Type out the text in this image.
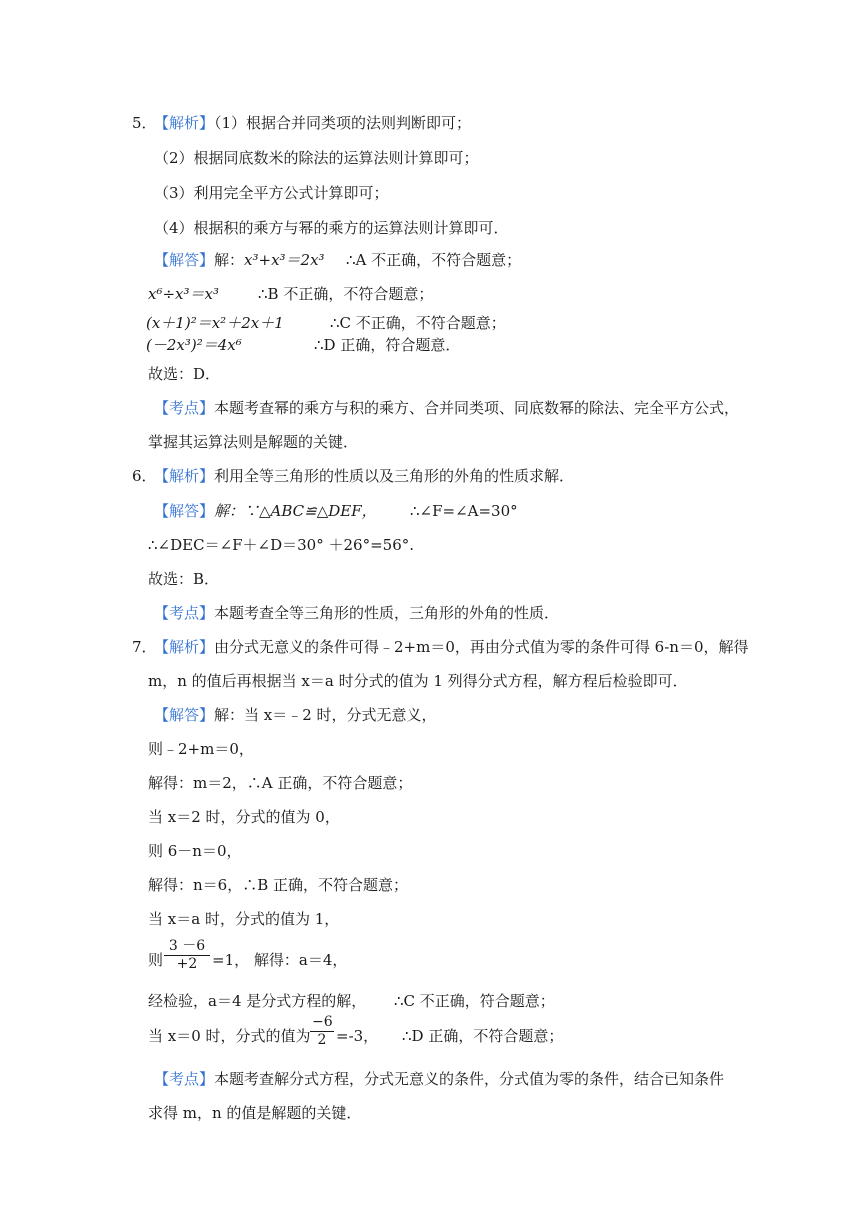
5．
【解析】（1）根据合并同类项的法则判断即可；
（2）根据同底数米的除法的运算法则计算即可；
（3）利用完全平方公式计算即可；
（4）根据积的乘方与幂的乘方的运算法则计算即可．
【解答】解：x³+x³＝2x³ ∴A 不正确，不符合题意；
x⁶÷x³＝x³	∴B 不正确，不符合题意；
(x＋1)²＝x²＋2x＋1	∴C 不正确，不符合题意；
(－2x³)²＝4x⁶	∴D 正确，符合题意．
故选：D．
【考点】本题考查幂的乘方与积的乘方、合并同类项、同底数幂的除法、完全平方公式，
掌握其运算法则是解题的关键．
6．
【解析】利用全等三角形的性质以及三角形的外角的性质求解．
【解答】解：∵△ABC≌△DEF， ∴∠F=∠A=30°
∴∠DEC＝∠F＋∠D＝30° ＋26°=56°.
故选：B．
【考点】本题考查全等三角形的性质，三角形的外角的性质．
7．
【解析】由分式无意义的条件可得﹣2+m＝0，再由分式值为零的条件可得 6-n＝0，解得
m，n 的值后再根据当 x＝a 时分式的值为 1 列得分式方程，解方程后检验即可．
【解答】解：当 x＝﹣2 时，分式无意义，
则﹣2+m＝0，
解得：m＝2，∴A 正确，不符合题意；
当 x＝2 时，分式的值为 0，
则 6－n＝0，
解得：n＝6，∴B 正确，不符合题意；
当 x＝a 时，分式的值为 1，
则 $\frac{3 -6}{+2} =1$， 解得：a＝4，
经检验，a＝4 是分式方程的解， ∴C 不正确，符合题意；
当 x＝0 时，分式的值为 $\frac{-6}{2} =-3$， ∴D 正确，不符合题意；
【考点】本题考查解分式方程，分式无意义的条件，分式值为零的条件，结合已知条件
求得 m，n 的值是解题的关键．
